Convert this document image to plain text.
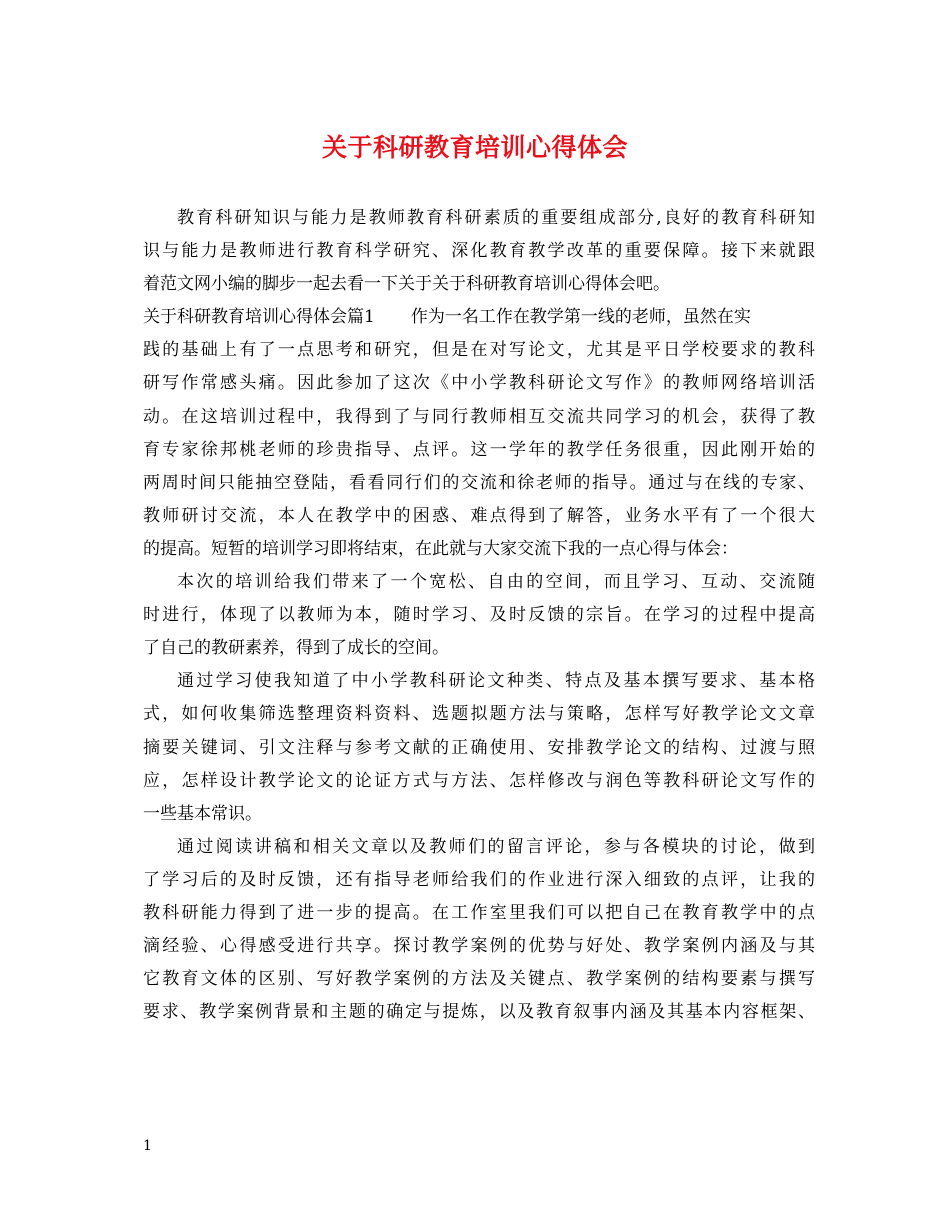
关于科研教育培训心得体会
教育科研知识与能力是教师教育科研素质的重要组成部分,良好的教育科研知
识与能力是教师进行教育科学研究、深化教育教学改革的重要保障。接下来就跟
着范文网小编的脚步一起去看一下关于关于科研教育培训心得体会吧。
关于科研教育培训心得体会篇1 作为一名工作在教学第一线的老师，虽然在实
践的基础上有了一点思考和研究，但是在对写论文，尤其是平日学校要求的教科
研写作常感头痛。因此参加了这次《中小学教科研论文写作》的教师网络培训活
动。在这培训过程中，我得到了与同行教师相互交流共同学习的机会，获得了教
育专家徐邦桃老师的珍贵指导、点评。这一学年的教学任务很重，因此刚开始的
两周时间只能抽空登陆，看看同行们的交流和徐老师的指导。通过与在线的专家、
教师研讨交流，本人在教学中的困惑、难点得到了解答，业务水平有了一个很大
的提高。短暂的培训学习即将结束，在此就与大家交流下我的一点心得与体会：
本次的培训给我们带来了一个宽松、自由的空间，而且学习、互动、交流随
时进行，体现了以教师为本，随时学习、及时反馈的宗旨。在学习的过程中提高
了自己的教研素养，得到了成长的空间。
通过学习使我知道了中小学教科研论文种类、特点及基本撰写要求、基本格
式，如何收集筛选整理资料资料、选题拟题方法与策略，怎样写好教学论文文章
摘要关键词、引文注释与参考文献的正确使用、安排教学论文的结构、过渡与照
应，怎样设计教学论文的论证方式与方法、怎样修改与润色等教科研论文写作的
一些基本常识。
通过阅读讲稿和相关文章以及教师们的留言评论，参与各模块的讨论，做到
了学习后的及时反馈，还有指导老师给我们的作业进行深入细致的点评，让我的
教科研能力得到了进一步的提高。在工作室里我们可以把自己在教育教学中的点
滴经验、心得感受进行共享。探讨教学案例的优势与好处、教学案例内涵及与其
它教育文体的区别、写好教学案例的方法及关键点、教学案例的结构要素与撰写
要求、教学案例背景和主题的确定与提炼，以及教育叙事内涵及其基本内容框架、
1
